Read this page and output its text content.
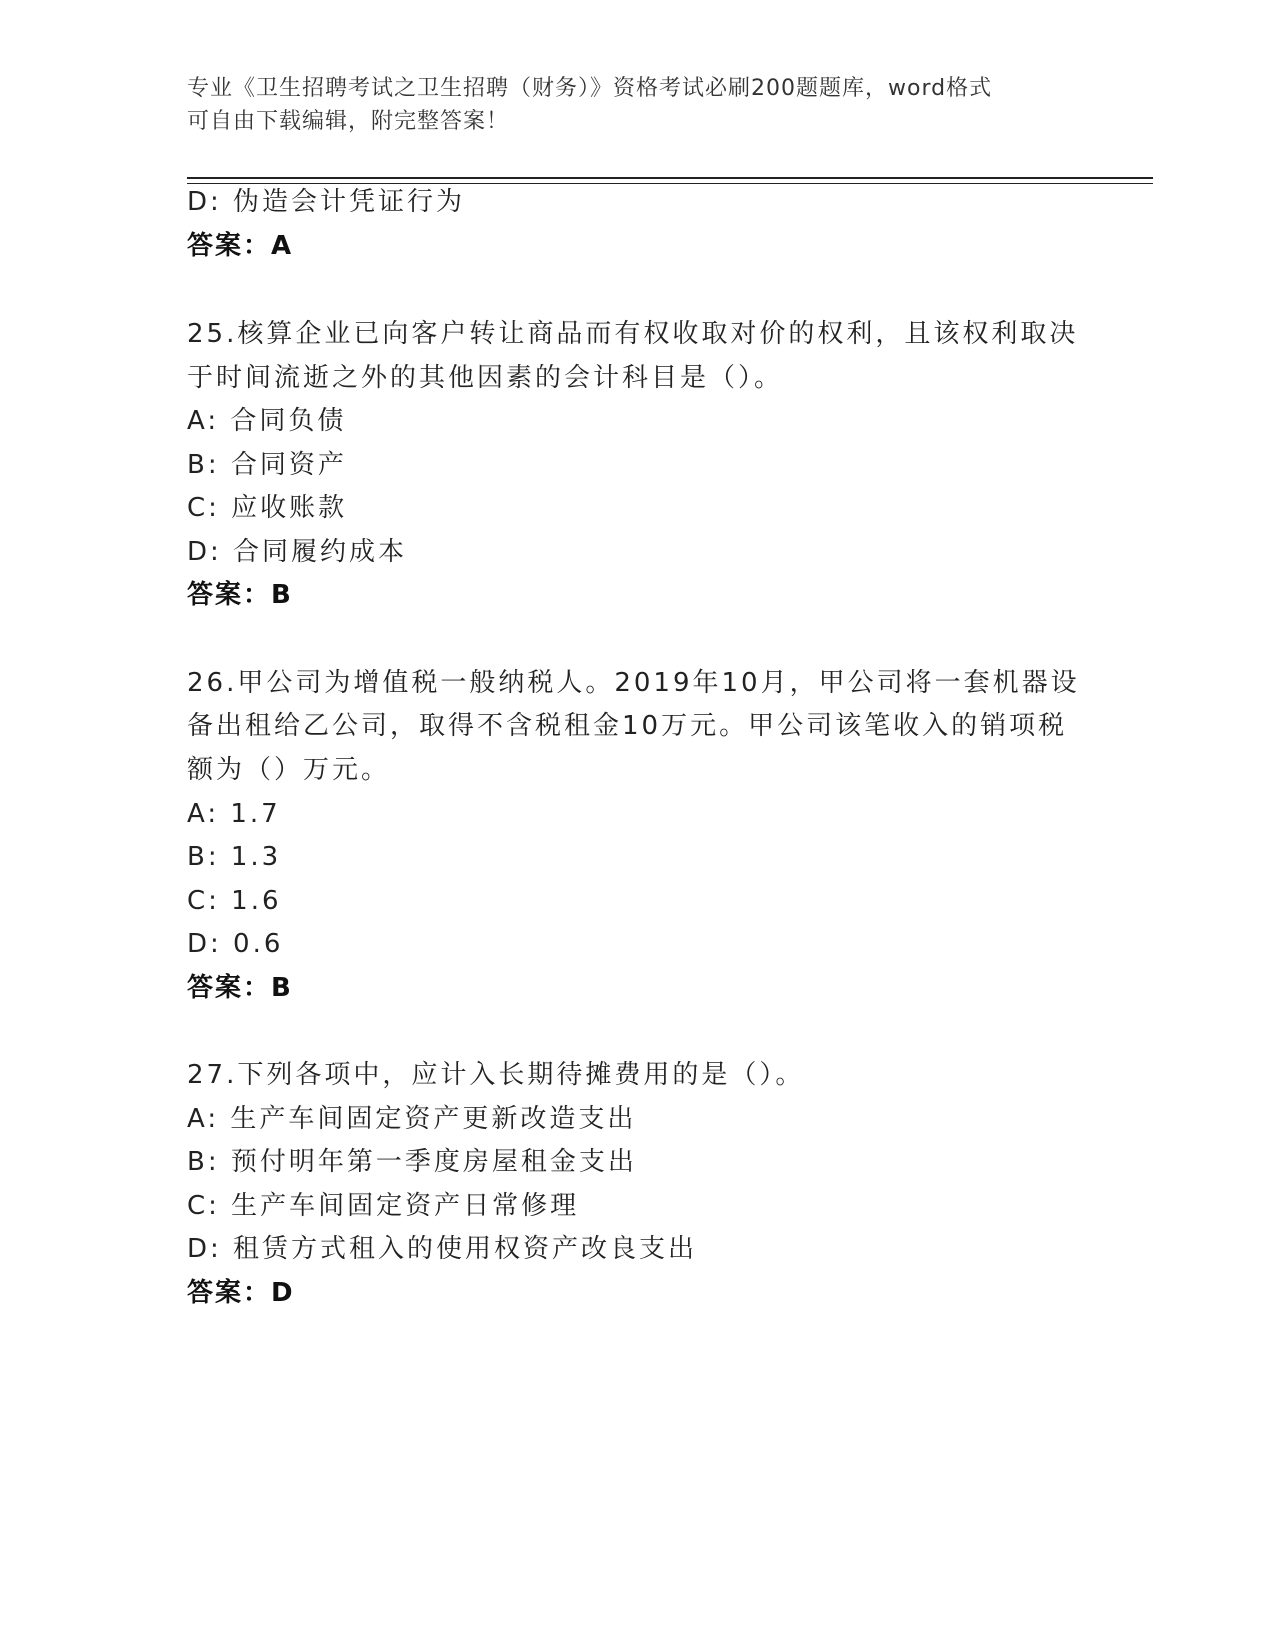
专业《卫生招聘考试之卫生招聘（财务）》资格考试必刷200题题库，word格式
可自由下载编辑，附完整答案！
D: 伪造会计凭证行为
答案：A
25.核算企业已向客户转让商品而有权收取对价的权利，且该权利取决
于时间流逝之外的其他因素的会计科目是（）。
A: 合同负债
B: 合同资产
C: 应收账款
D: 合同履约成本
答案：B
26.甲公司为增值税一般纳税人。2019年10月，甲公司将一套机器设
备出租给乙公司，取得不含税租金10万元。甲公司该笔收入的销项税
额为（）万元。
A: 1.7
B: 1.3
C: 1.6
D: 0.6
答案：B
27.下列各项中，应计入长期待摊费用的是（）。
A: 生产车间固定资产更新改造支出
B: 预付明年第一季度房屋租金支出
C: 生产车间固定资产日常修理
D: 租赁方式租入的使用权资产改良支出
答案：D
